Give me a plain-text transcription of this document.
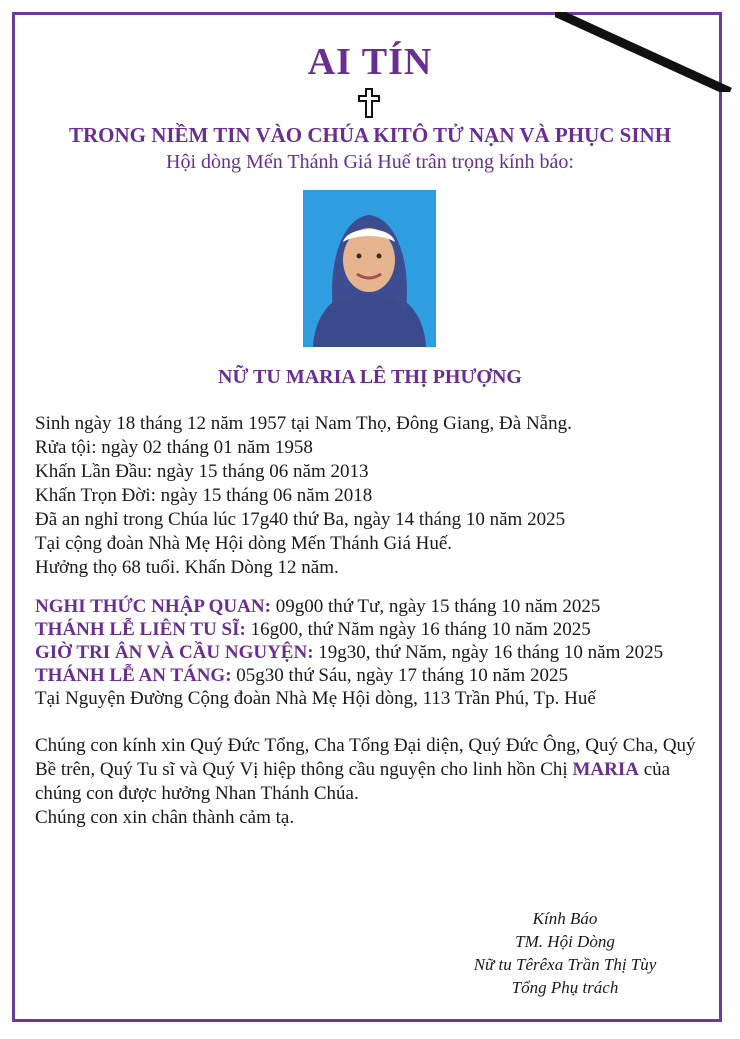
AI TÍN
TRONG NIỀM TIN VÀO CHÚA KITÔ TỬ NẠN VÀ PHỤC SINH
Hội dòng Mến Thánh Giá Huế trân trọng kính báo:
NỮ TU MARIA LÊ THỊ PHƯỢNG
Sinh ngày 18 tháng 12 năm 1957 tại Nam Thọ, Đông Giang, Đà Nẵng.
Rửa tội: ngày 02 tháng 01 năm 1958
Khấn Lần Đầu: ngày 15 tháng 06 năm 2013
Khấn Trọn Đời: ngày 15 tháng 06 năm 2018
Đã an nghỉ trong Chúa lúc 17g40 thứ Ba, ngày 14 tháng 10 năm 2025
Tại cộng đoàn Nhà Mẹ Hội dòng Mến Thánh Giá Huế.
Hưởng thọ 68 tuổi. Khấn Dòng 12 năm.
NGHI THỨC NHẬP QUAN: 09g00 thứ Tư, ngày 15 tháng 10 năm 2025
THÁNH LỄ LIÊN TU SĨ: 16g00, thứ Năm ngày 16 tháng 10 năm 2025
GIỜ TRI ÂN VÀ CẦU NGUYỆN: 19g30, thứ Năm, ngày 16 tháng 10 năm 2025
THÁNH LỄ AN TÁNG: 05g30 thứ Sáu, ngày 17 tháng 10 năm 2025
Tại Nguyện Đường Cộng đoàn Nhà Mẹ Hội dòng, 113 Trần Phú, Tp. Huế
Chúng con kính xin Quý Đức Tổng, Cha Tổng Đại diện, Quý Đức Ông, Quý Cha, Quý Bề trên, Quý Tu sĩ và Quý Vị hiệp thông cầu nguyện cho linh hồn Chị MARIA của chúng con được hưởng Nhan Thánh Chúa.
Chúng con xin chân thành cảm tạ.
Kính Báo
TM. Hội Dòng
Nữ tu Têrêxa Trần Thị Tùy
Tổng Phụ trách
